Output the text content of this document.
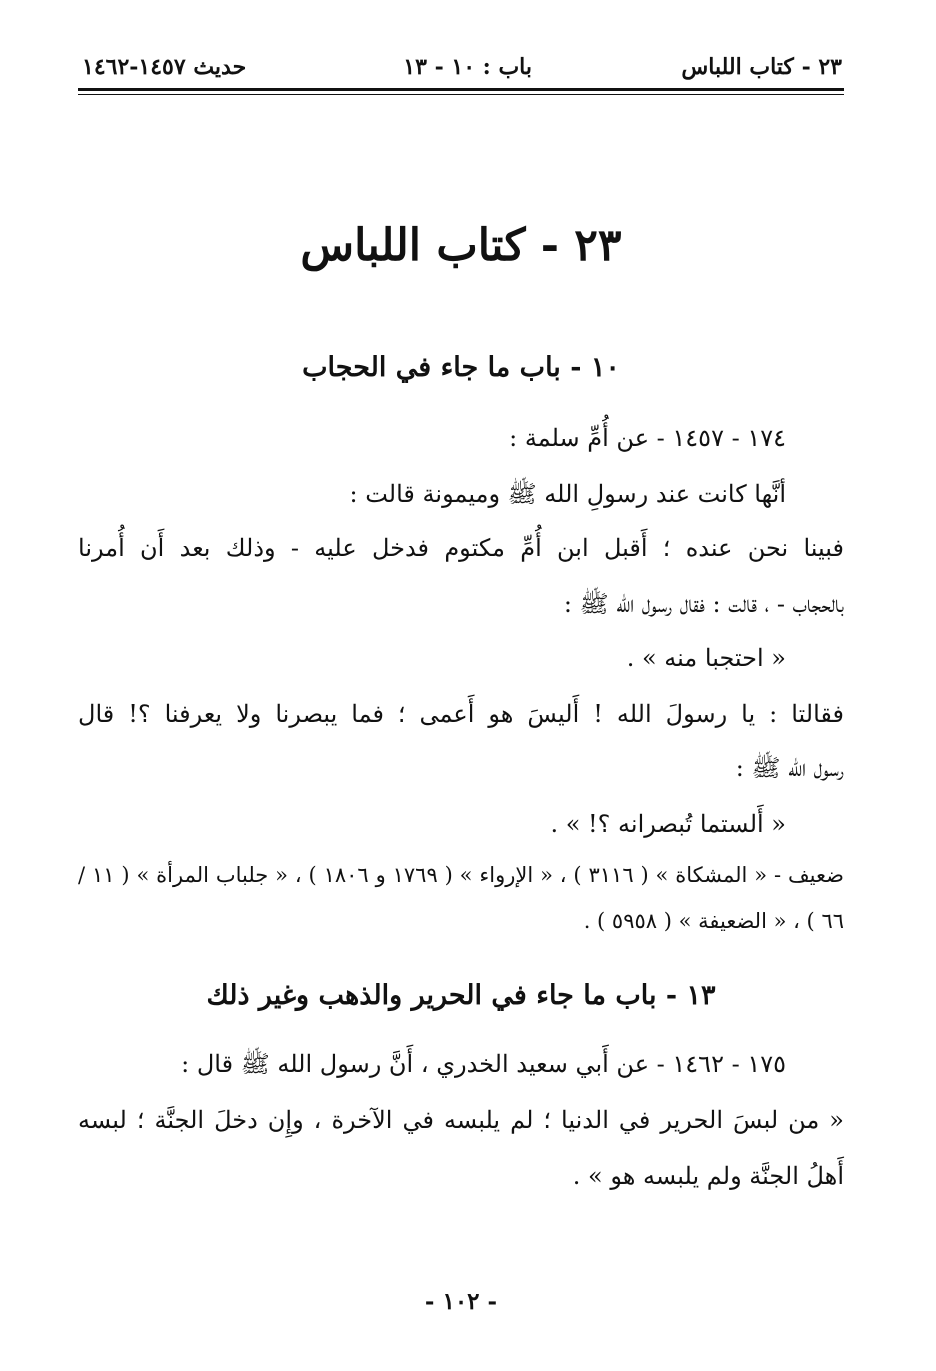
٢٣ - كتاب اللباس
باب : ١٠ - ١٣
حديث ١٤٥٧-١٤٦٢
٢٣ - كتاب اللباس
١٠ - باب ما جاء في الحجاب
١٧٤ - ١٤٥٧ - عن أُمِّ سلمة :
أنَّها كانت عند رسولِ الله ﷺ وميمونة قالت :
فبينا نحن عنده ؛ أَقبل ابن أُمِّ مكتوم فدخل عليه - وذلك بعد أَن أُمرنا
بالحجاب - ، قالت : فقال رسول الله ﷺ :
« احتجبا منه » .
فقالتا : يا رسولَ الله ! أَليسَ هو أَعمى ؛ فما يبصرنا ولا يعرفنا ؟! قال
رسول الله ﷺ :
« أَلستما تُبصرانه ؟! » .
ضعيف - « المشكاة » ( ٣١١٦ ) ، « الإرواء » ( ١٧٦٩ و ١٨٠٦ ) ، « جلباب المرأة » ( ١١ /
٦٦ ) ، « الضعيفة » ( ٥٩٥٨ ) .
١٣ - باب ما جاء في الحرير والذهب وغير ذلك
١٧٥ - ١٤٦٢ - عن أَبي سعيد الخدري ، أَنَّ رسول الله ﷺ قال :
« من لبسَ الحرير في الدنيا ؛ لم يلبسه في الآخرة ، وإِن دخلَ الجنَّة ؛ لبسه
أَهلُ الجنَّة ولم يلبسه هو » .
- ١٠٢ -
